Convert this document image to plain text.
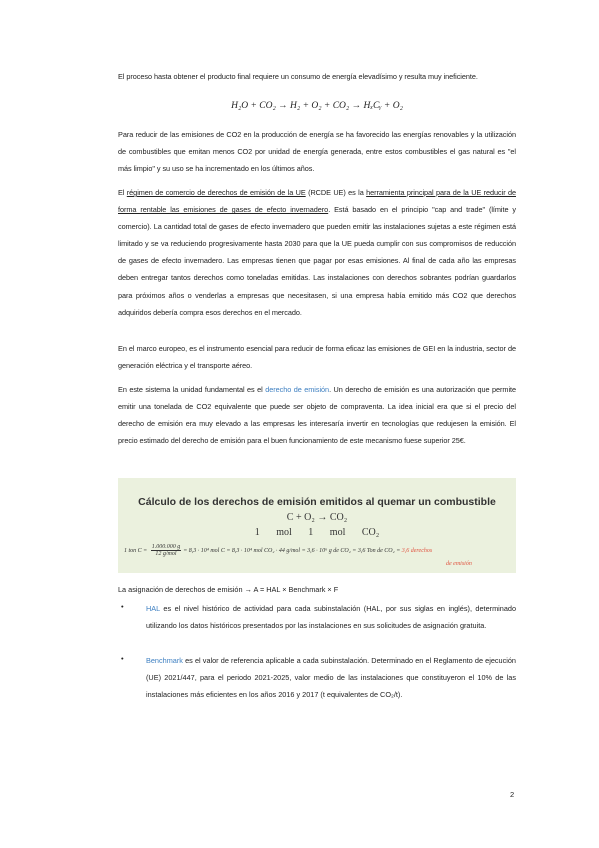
El proceso hasta obtener el producto final requiere un consumo de energía elevadísimo y resulta muy ineficiente.
H₂O + CO₂ → H₂ + O₂ + CO₂ → HₓCᵧ + O₂
Para reducir de las emisiones de CO2 en la producción de energía se ha favorecido las energías renovables y la utilización de combustibles que emitan menos CO2 por unidad de energía generada, entre estos combustibles el gas natural es "el más limpio" y su uso se ha incrementado en los últimos años.
El régimen de comercio de derechos de emisión de la UE (RCDE UE) es la herramienta principal para de la UE reducir de forma rentable las emisiones de gases de efecto invernadero. Está basado en el principio "cap and trade" (límite y comercio). La cantidad total de gases de efecto invernadero que pueden emitir las instalaciones sujetas a este régimen está limitado y se va reduciendo progresivamente hasta 2030 para que la UE pueda cumplir con sus compromisos de reducción de gases de efecto invernadero. Las empresas tienen que pagar por esas emisiones. Al final de cada año las empresas deben entregar tantos derechos como toneladas emitidas. Las instalaciones con derechos sobrantes podrían guardarlos para próximos años o venderlas a empresas que necesitasen, si una empresa había emitido más CO2 que derechos adquiridos debería compra esos derechos en el mercado.
En el marco europeo, es el instrumento esencial para reducir de forma eficaz las emisiones de GEI en la industria, sector de generación eléctrica y el transporte aéreo.
En este sistema la unidad fundamental es el derecho de emisión. Un derecho de emisión es una autorización que permite emitir una tonelada de CO2 equivalente que puede ser objeto de compraventa. La idea inicial era que si el precio del derecho de emisión era muy elevado a las empresas les interesaría invertir en tecnologías que redujesen la emisión. El precio estimado del derecho de emisión para el buen funcionamiento de este mecanismo fuese superior 25€.
Cálculo de los derechos de emisión emitidos al quemar un combustible
C + O₂ → CO₂
1 mol 1 mol CO₂
1 ton $C = \frac{1.000.000 g}{\text{12 g/mol}} = 8,3 \cdot 10^4$ mol C = 8,3 · 10⁴ mol CO₂ · 44 g/mol = 3,6 · 10⁶ g de CO₂ = 3,6 Ton de CO₂ = 3,6 derechos
de emisión
La asignación de derechos de emisión → A = HAL × Benchmark × F
•	HAL es el nivel histórico de actividad para cada subinstalación (HAL, por sus siglas en inglés), determinado utilizando los datos históricos presentados por las instalaciones en sus solicitudes de asignación gratuita.
•	Benchmark es el valor de referencia aplicable a cada subinstalación. Determinado en el Reglamento de ejecución (UE) 2021/447, para el periodo 2021-2025, valor medio de las instalaciones que constituyeron el 10% de las instalaciones más eficientes en los años 2016 y 2017 (t equivalentes de CO₂/t).
2
